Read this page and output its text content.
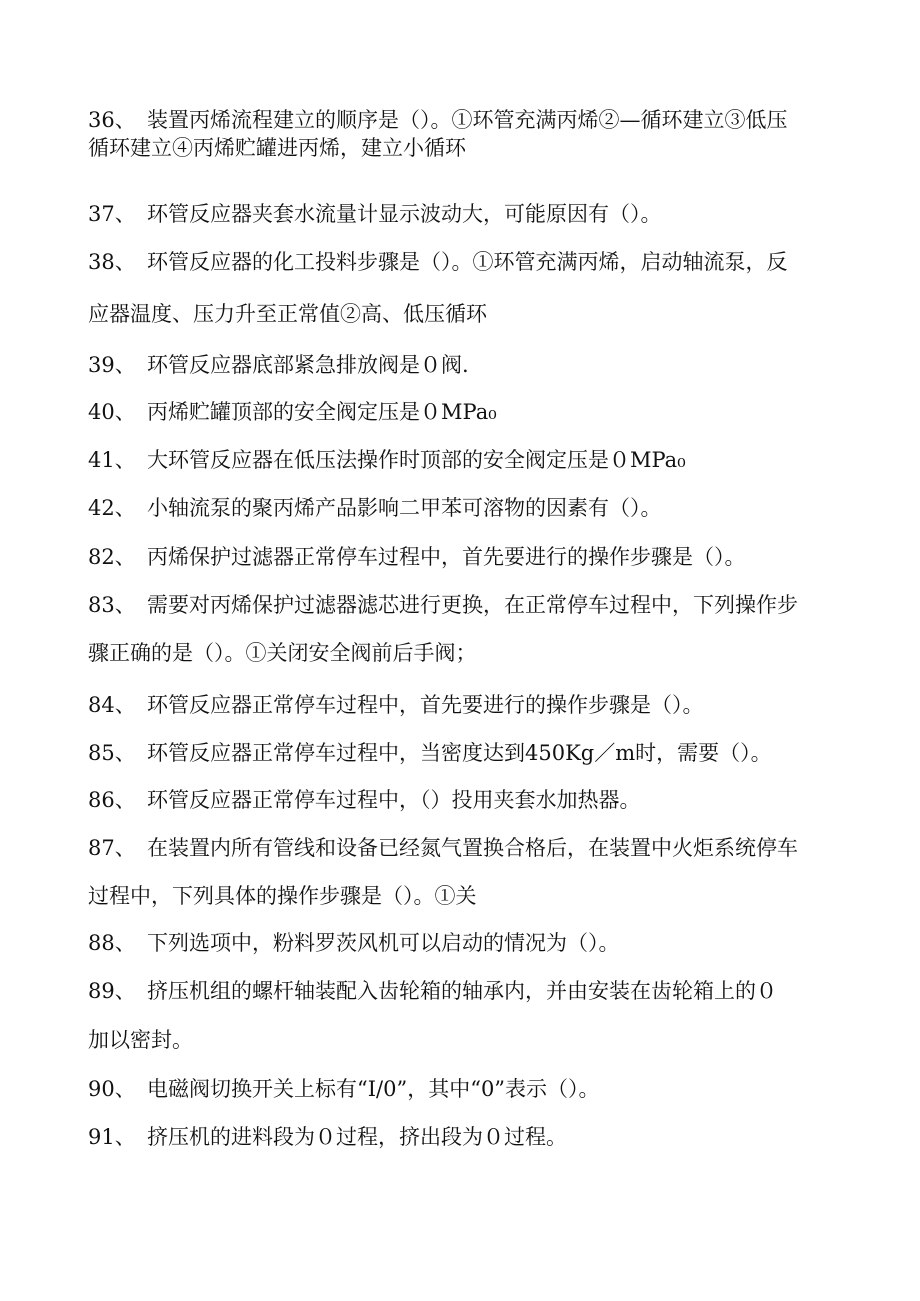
36、 装置丙烯流程建立的顺序是（）。①环管充满丙烯②—循环建立③低压
循环建立④丙烯贮罐进丙烯，建立小循环
37、 环管反应器夹套水流量计显示波动大，可能原因有（）。
38、 环管反应器的化工投料步骤是（）。①环管充满丙烯，启动轴流泵，反
应器温度、压力升至正常值②高、低压循环
39、 环管反应器底部紧急排放阀是０阀.
40、 丙烯贮罐顶部的安全阀定压是０MPa₀
41、 大环管反应器在低压法操作时顶部的安全阀定压是０MPa₀
42、 小轴流泵的聚丙烯产品影响二甲苯可溶物的因素有（）。
82、 丙烯保护过滤器正常停车过程中，首先要进行的操作步骤是（）。
83、 需要对丙烯保护过滤器滤芯进行更换，在正常停车过程中，下列操作步
骤正确的是（）。①关闭安全阀前后手阀；
84、 环管反应器正常停车过程中，首先要进行的操作步骤是（）。
85、 环管反应器正常停车过程中，当密度达到450Kg／m时，需要（）。
86、 环管反应器正常停车过程中，（）投用夹套水加热器。
87、 在装置内所有管线和设备已经氮气置换合格后，在装置中火炬系统停车
过程中，下列具体的操作步骤是（）。①关
88、 下列选项中，粉料罗茨风机可以启动的情况为（）。
89、 挤压机组的螺杆轴装配入齿轮箱的轴承内，并由安装在齿轮箱上的０
加以密封。
90、 电磁阀切换开关上标有“I/0”，其中“0”表示（）。
91、 挤压机的进料段为０过程，挤出段为０过程。
